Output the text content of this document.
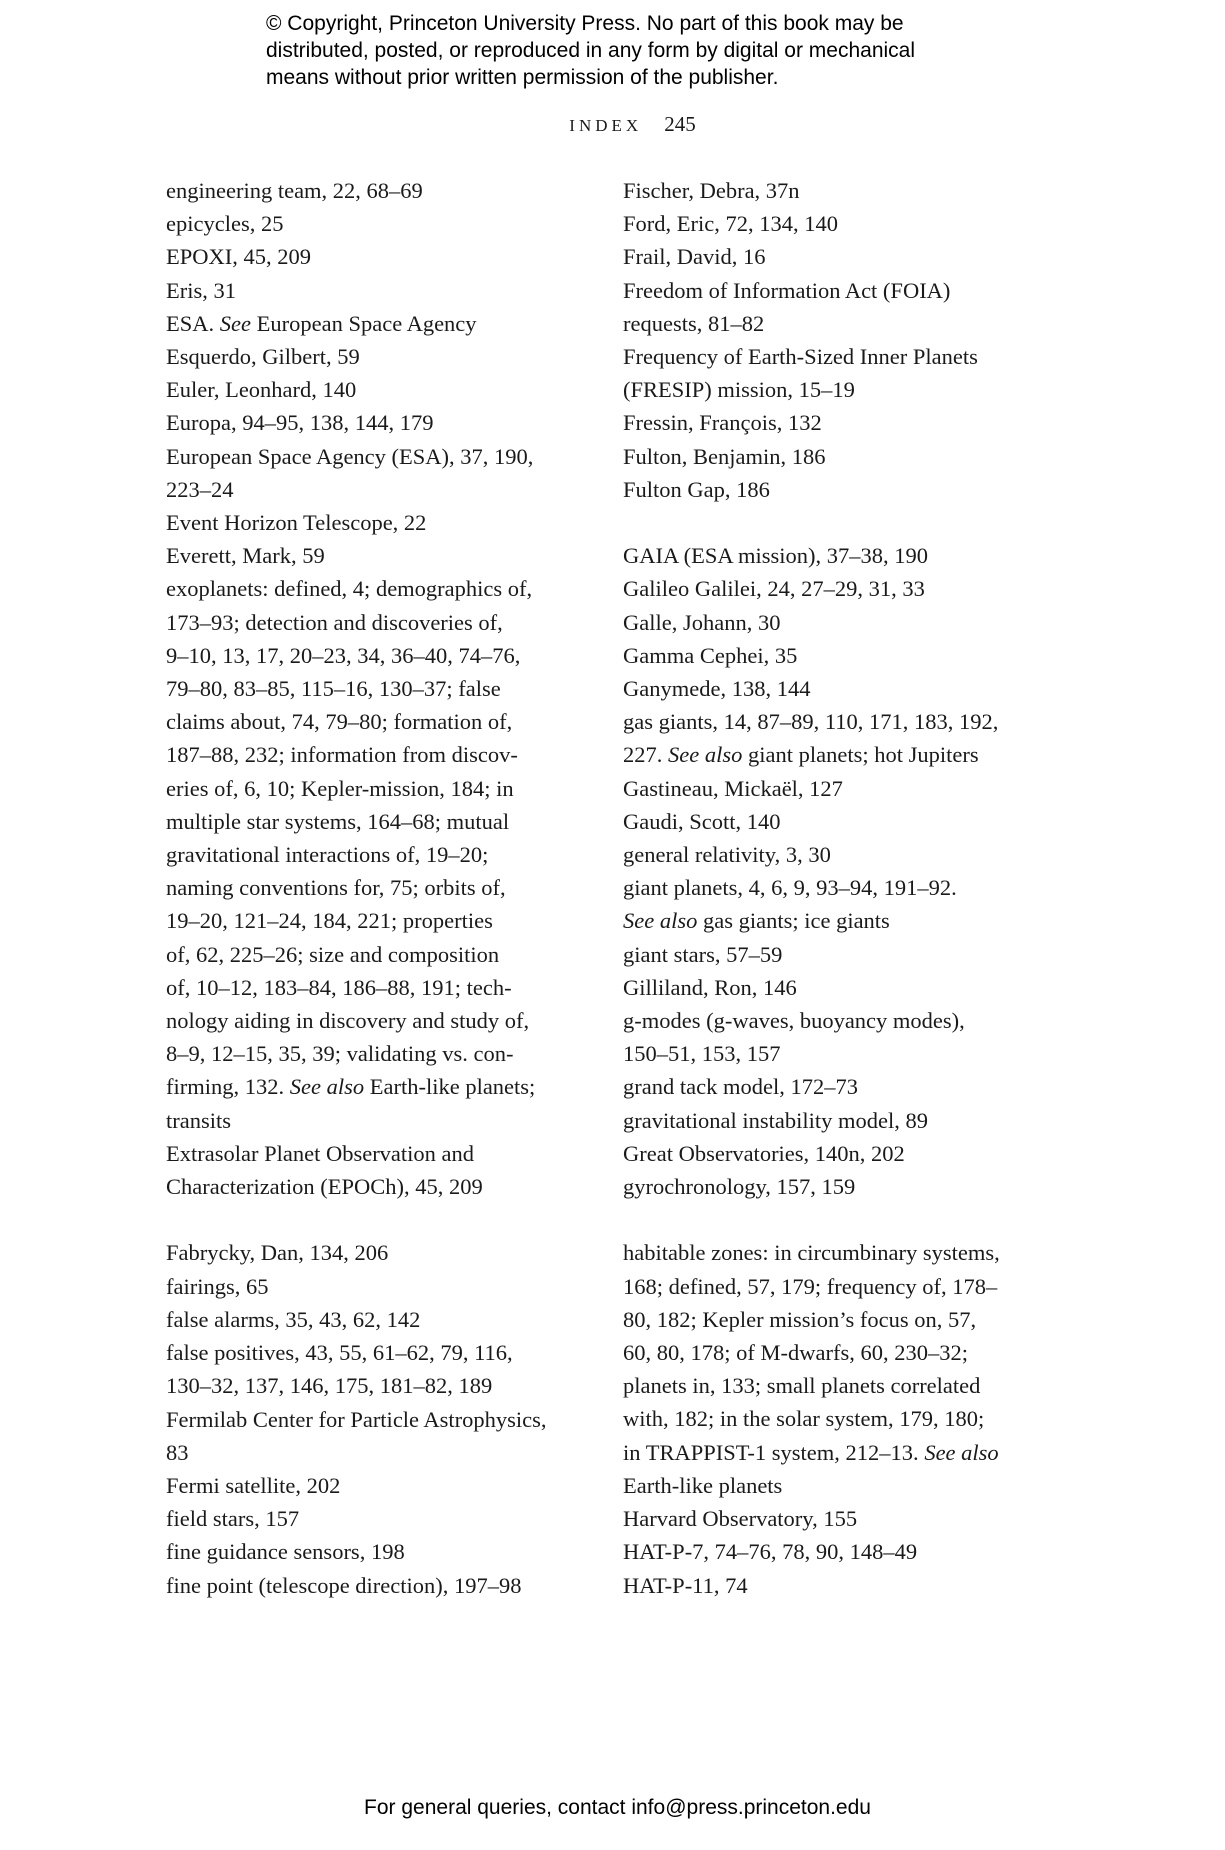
© Copyright, Princeton University Press. No part of this book may be
distributed, posted, or reproduced in any form by digital or mechanical
means without prior written permission of the publisher.
INDEX 245
engineering team, 22, 68–69
epicycles, 25
EPOXI, 45, 209
Eris, 31
ESA. See European Space Agency
Esquerdo, Gilbert, 59
Euler, Leonhard, 140
Europa, 94–95, 138, 144, 179
European Space Agency (ESA), 37, 190,
223–24
Event Horizon Telescope, 22
Everett, Mark, 59
exoplanets: defined, 4; demographics of,
173–93; detection and discoveries of,
9–10, 13, 17, 20–23, 34, 36–40, 74–76,
79–80, 83–85, 115–16, 130–37; false
claims about, 74, 79–80; formation of,
187–88, 232; information from discov-
eries of, 6, 10; Kepler-mission, 184; in
multiple star systems, 164–68; mutual
gravitational interactions of, 19–20;
naming conventions for, 75; orbits of,
19–20, 121–24, 184, 221; properties
of, 62, 225–26; size and composition
of, 10–12, 183–84, 186–88, 191; tech-
nology aiding in discovery and study of,
8–9, 12–15, 35, 39; validating vs. con-
firming, 132. See also Earth-like planets;
transits
Extrasolar Planet Observation and
Characterization (EPOCh), 45, 209
Fabrycky, Dan, 134, 206
fairings, 65
false alarms, 35, 43, 62, 142
false positives, 43, 55, 61–62, 79, 116,
130–32, 137, 146, 175, 181–82, 189
Fermilab Center for Particle Astrophysics,
83
Fermi satellite, 202
field stars, 157
fine guidance sensors, 198
fine point (telescope direction), 197–98
Fischer, Debra, 37n
Ford, Eric, 72, 134, 140
Frail, David, 16
Freedom of Information Act (FOIA)
requests, 81–82
Frequency of Earth-Sized Inner Planets
(FRESIP) mission, 15–19
Fressin, François, 132
Fulton, Benjamin, 186
Fulton Gap, 186
GAIA (ESA mission), 37–38, 190
Galileo Galilei, 24, 27–29, 31, 33
Galle, Johann, 30
Gamma Cephei, 35
Ganymede, 138, 144
gas giants, 14, 87–89, 110, 171, 183, 192,
227. See also giant planets; hot Jupiters
Gastineau, Mickaël, 127
Gaudi, Scott, 140
general relativity, 3, 30
giant planets, 4, 6, 9, 93–94, 191–92.
See also gas giants; ice giants
giant stars, 57–59
Gilliland, Ron, 146
g-modes (g-waves, buoyancy modes),
150–51, 153, 157
grand tack model, 172–73
gravitational instability model, 89
Great Observatories, 140n, 202
gyrochronology, 157, 159
habitable zones: in circumbinary systems,
168; defined, 57, 179; frequency of, 178–
80, 182; Kepler mission’s focus on, 57,
60, 80, 178; of M-dwarfs, 60, 230–32;
planets in, 133; small planets correlated
with, 182; in the solar system, 179, 180;
in TRAPPIST-1 system, 212–13. See also
Earth-like planets
Harvard Observatory, 155
HAT-P-7, 74–76, 78, 90, 148–49
HAT-P-11, 74
For general queries, contact info@press.princeton.edu
